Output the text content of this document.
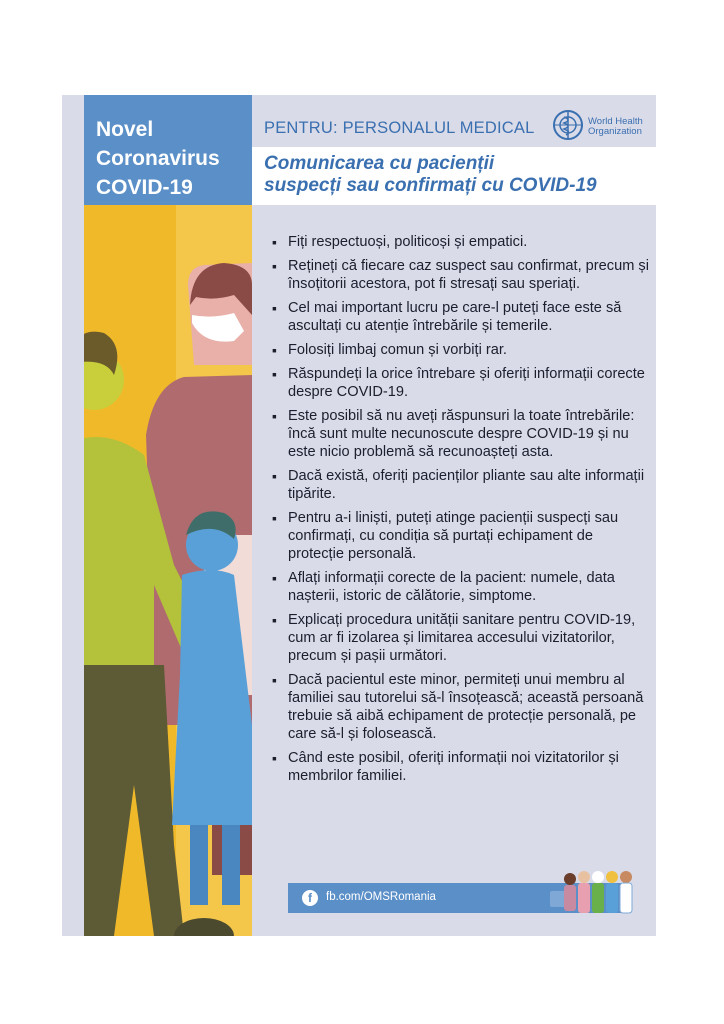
Novel
Coronavirus
COVID-19
PENTRU: PERSONALUL MEDICAL	World Health
Organization
Comunicarea cu pacienții
suspecți sau confirmați cu COVID-19
▪ Fiți respectuoși, politicoși și empatici.
▪ Rețineți că fiecare caz suspect sau confirmat, precum și însoțitorii acestora, pot fi stresați sau speriați.
▪ Cel mai important lucru pe care-l puteți face este să ascultați cu atenție întrebările și temerile.
▪ Folosiți limbaj comun și vorbiți rar.
▪ Răspundeți la orice întrebare și oferiți informații corecte despre COVID-19.
▪ Este posibil să nu aveți răspunsuri la toate întrebările: încă sunt multe necunoscute despre COVID-19 și nu este nicio problemă să recunoașteți asta.
▪ Dacă există, oferiți pacienților pliante sau alte informații tipărite.
▪ Pentru a-i liniști, puteți atinge pacienții suspecți sau confirmați, cu condiția să purtați echipament de protecție personală.
▪ Aflați informații corecte de la pacient: numele, data nașterii, istoric de călătorie, simptome.
▪ Explicați procedura unității sanitare pentru COVID-19, cum ar fi izolarea și limitarea accesului vizitatorilor, precum și pașii următori.
▪ Dacă pacientul este minor, permiteți unui membru al familiei sau tutorelui să-l însoțească; această persoană trebuie să aibă echipament de protecție personală, pe care să-l și folosească.
▪ Când este posibil, oferiți informații noi vizitatorilor și membrilor familiei.
f	fb.com/OMSRomania
